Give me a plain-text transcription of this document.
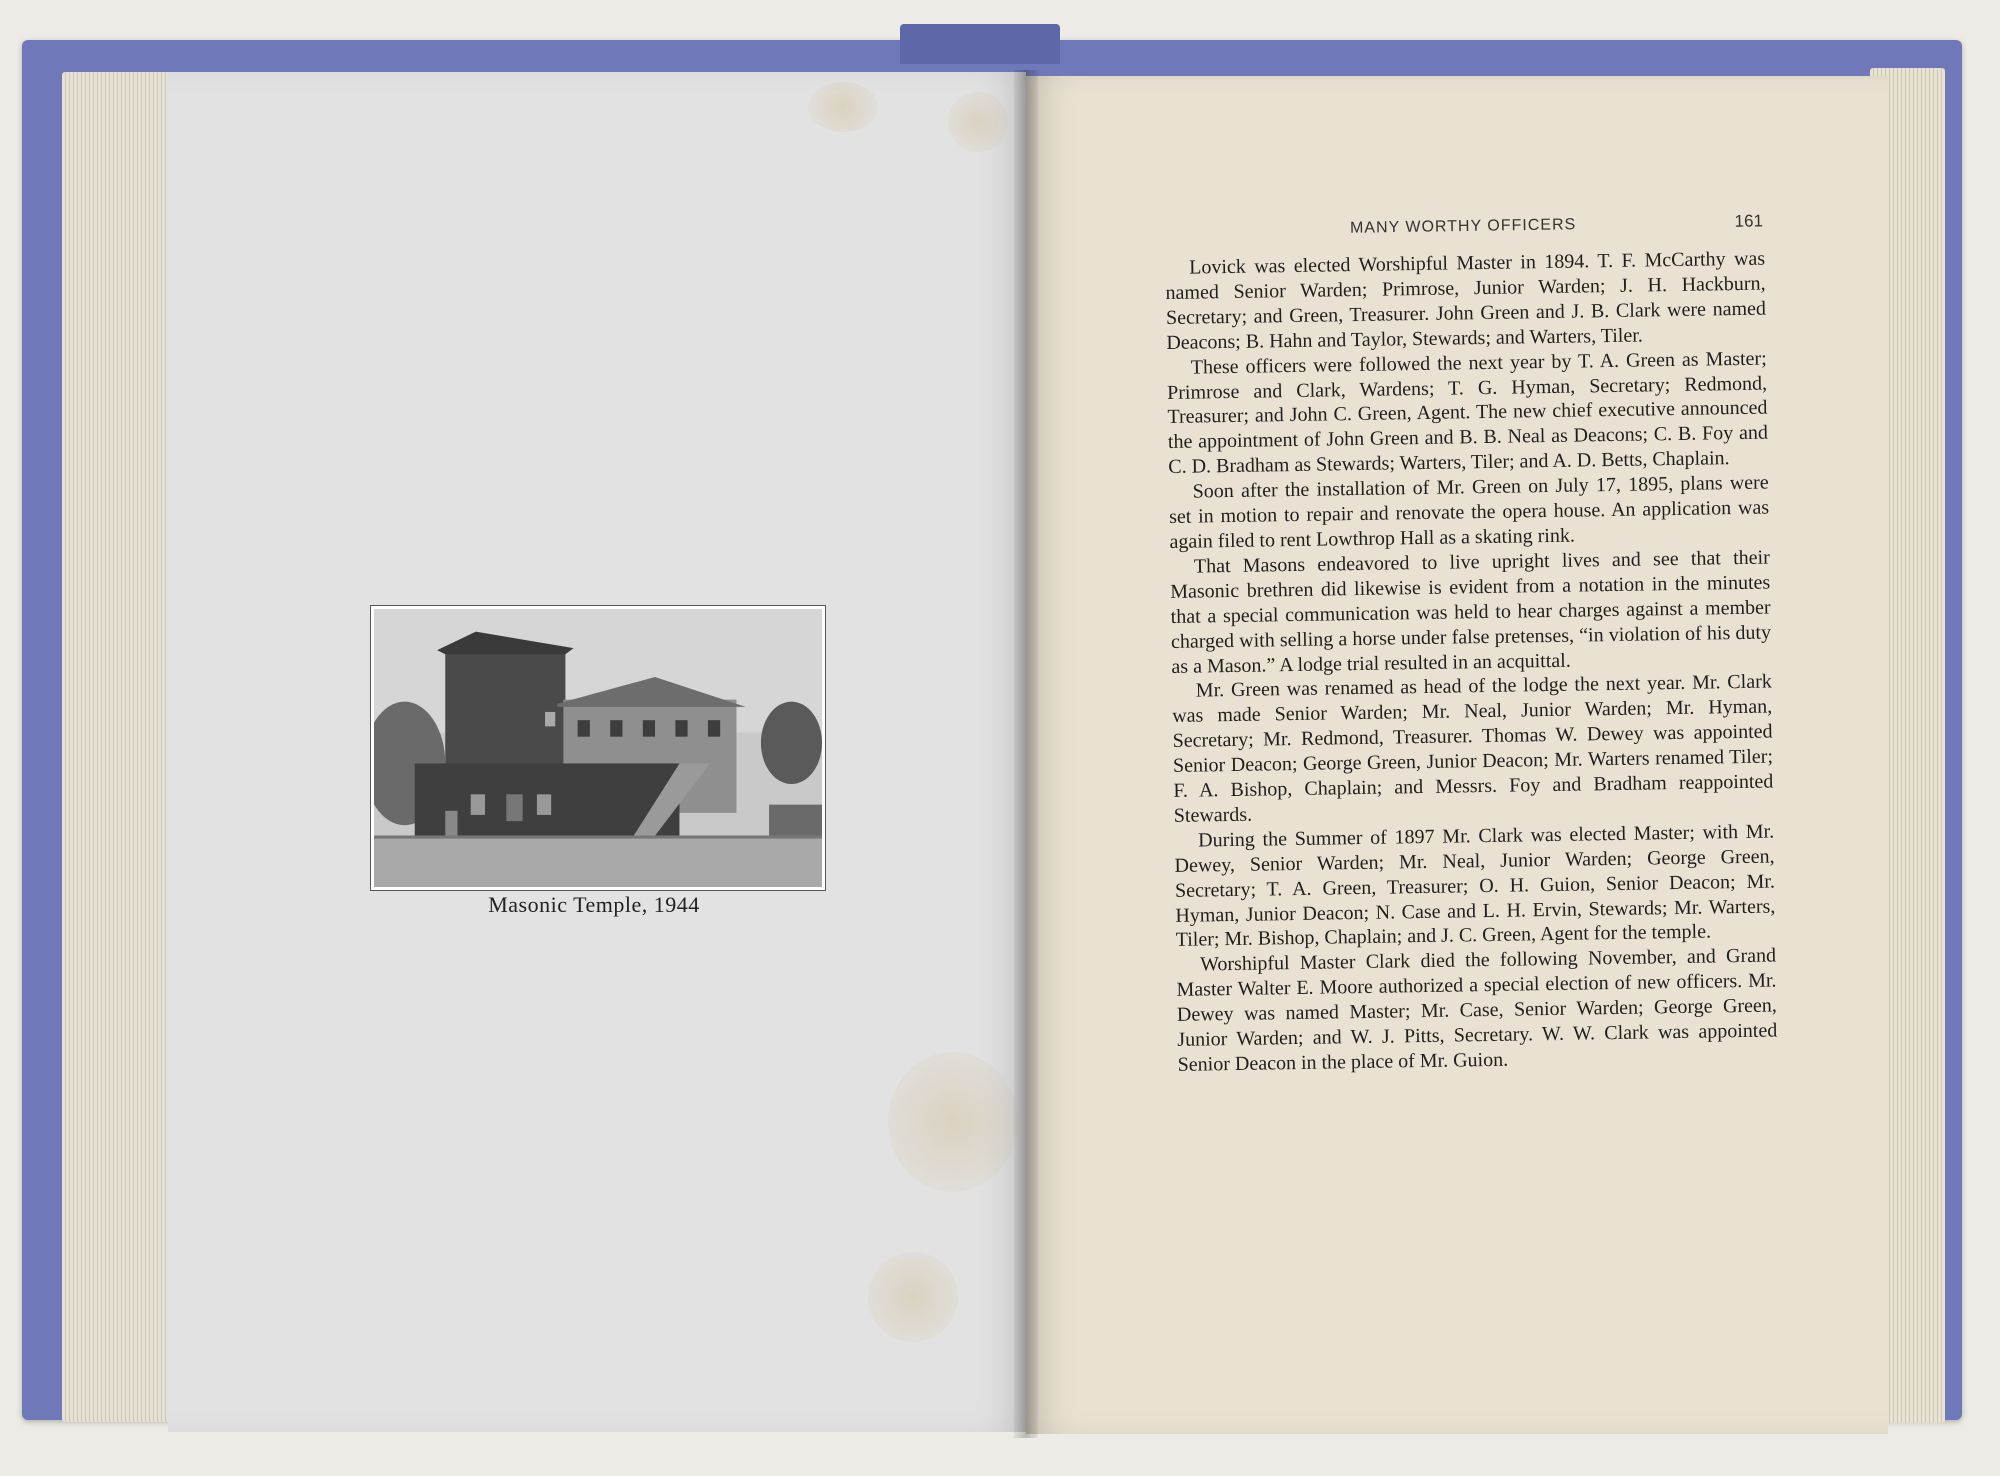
Masonic Temple, 1944
MANY WORTHY OFFICERS	161

Lovick was elected Worshipful Master in 1894. T. F. McCarthy was named Senior Warden; Primrose, Junior Warden; J. H. Hackburn, Secretary; and Green, Treasurer. John Green and J. B. Clark were named Deacons; B. Hahn and Taylor, Stewards; and Warters, Tiler.

These officers were followed the next year by T. A. Green as Master; Primrose and Clark, Wardens; T. G. Hyman, Secretary; Redmond, Treasurer; and John C. Green, Agent. The new chief executive announced the appointment of John Green and B. B. Neal as Deacons; C. B. Foy and C. D. Bradham as Stewards; Warters, Tiler; and A. D. Betts, Chaplain.

Soon after the installation of Mr. Green on July 17, 1895, plans were set in motion to repair and renovate the opera house. An application was again filed to rent Lowthrop Hall as a skating rink.

That Masons endeavored to live upright lives and see that their Masonic brethren did likewise is evident from a notation in the minutes that a special communication was held to hear charges against a member charged with selling a horse under false pretenses, “in violation of his duty as a Mason.” A lodge trial resulted in an acquittal.

Mr. Green was renamed as head of the lodge the next year. Mr. Clark was made Senior Warden; Mr. Neal, Junior Warden; Mr. Hyman, Secretary; Mr. Redmond, Treasurer. Thomas W. Dewey was appointed Senior Deacon; George Green, Junior Deacon; Mr. Warters renamed Tiler; F. A. Bishop, Chaplain; and Messrs. Foy and Bradham reappointed Stewards.

During the Summer of 1897 Mr. Clark was elected Master; with Mr. Dewey, Senior Warden; Mr. Neal, Junior Warden; George Green, Secretary; T. A. Green, Treasurer; O. H. Guion, Senior Deacon; Mr. Hyman, Junior Deacon; N. Case and L. H. Ervin, Stewards; Mr. Warters, Tiler; Mr. Bishop, Chaplain; and J. C. Green, Agent for the temple.

Worshipful Master Clark died the following November, and Grand Master Walter E. Moore authorized a special election of new officers. Mr. Dewey was named Master; Mr. Case, Senior Warden; George Green, Junior Warden; and W. J. Pitts, Secretary. W. W. Clark was appointed Senior Deacon in the place of Mr. Guion.
